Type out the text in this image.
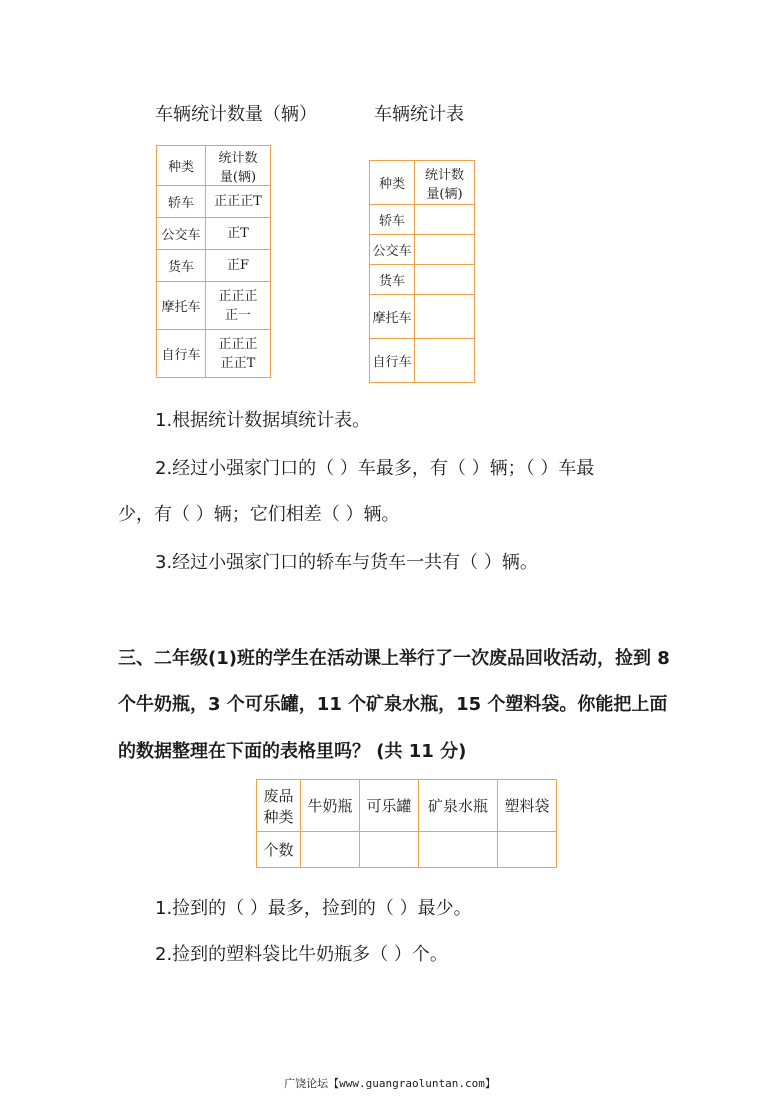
车辆统计数量（辆）	车辆统计表
种类	统计数
量(辆)

轿车	正正正T
公交车	正T
货车	正F
摩托车	正正正
正一

自行车	正正正
正正T
种类	统计数
量(辆)

轿车	
公交车	
货车	
摩托车	
自行车	
1.根据统计数据填统计表。
2.经过小强家门口的（ ）车最多，有（ ）辆；（ ）车最
少，有（ ）辆；它们相差（ ）辆。
3.经过小强家门口的轿车与货车一共有（ ）辆。
三、二年级(1)班的学生在活动课上举行了一次废品回收活动，捡到 8
个牛奶瓶，3 个可乐罐，11 个矿泉水瓶，15 个塑料袋。你能把上面
的数据整理在下面的表格里吗？ (共 11 分)
废品
种类	牛奶瓶	可乐罐	矿泉水瓶	塑料袋
个数				
1.捡到的（ ）最多，捡到的（ ）最少。
2.捡到的塑料袋比牛奶瓶多（ ）个。
广饶论坛【www.guangraoluntan.com】
